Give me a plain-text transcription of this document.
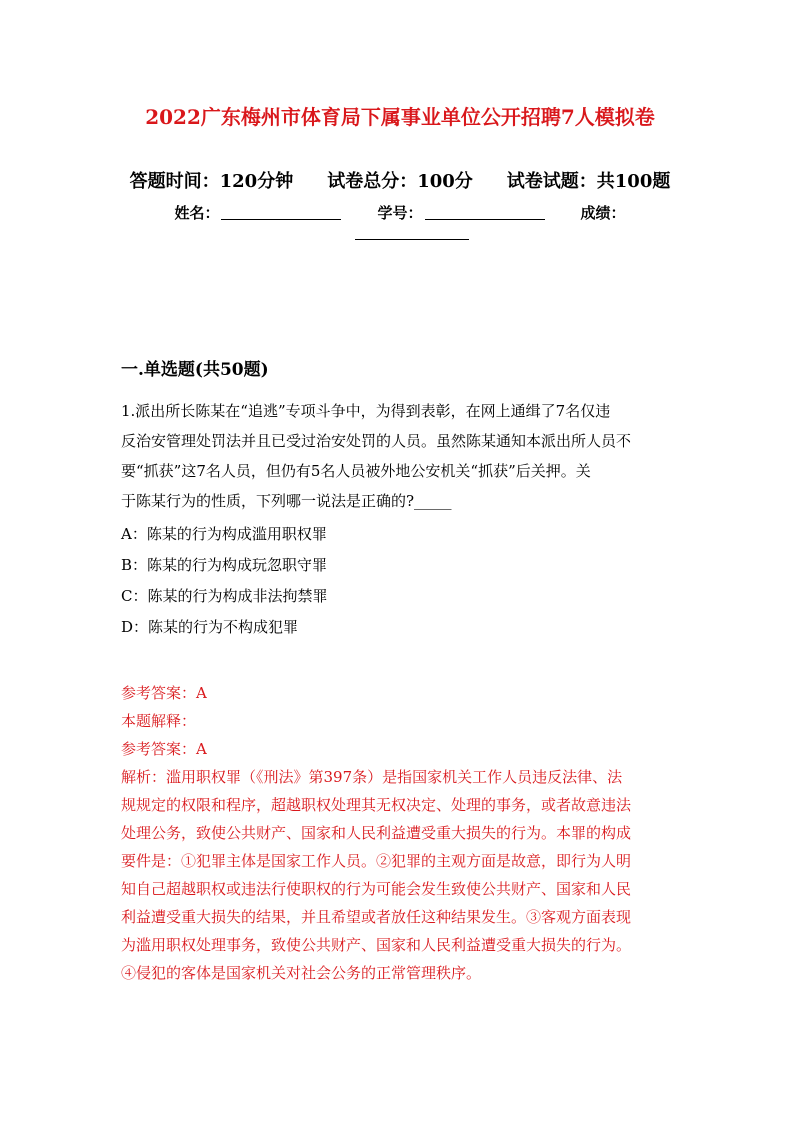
2022广东梅州市体育局下属事业单位公开招聘7人模拟卷
答题时间：120分钟 试卷总分：100分 试卷试题：共100题
姓名：	学号：	成绩：
一.单选题(共50题)
1.派出所长陈某在“追逃”专项斗争中，为得到表彰，在网上通缉了7名仅违
反治安管理处罚法并且已受过治安处罚的人员。虽然陈某通知本派出所人员不
要“抓获”这7名人员，但仍有5名人员被外地公安机关“抓获”后关押。关
于陈某行为的性质，下列哪一说法是正确的?_____
A：陈某的行为构成滥用职权罪
B：陈某的行为构成玩忽职守罪
C：陈某的行为构成非法拘禁罪
D：陈某的行为不构成犯罪
参考答案：A
本题解释：
参考答案：A
解析：滥用职权罪（《刑法》第397条）是指国家机关工作人员违反法律、法
规规定的权限和程序，超越职权处理其无权决定、处理的事务，或者故意违法
处理公务，致使公共财产、国家和人民利益遭受重大损失的行为。本罪的构成
要件是：①犯罪主体是国家工作人员。②犯罪的主观方面是故意，即行为人明
知自己超越职权或违法行使职权的行为可能会发生致使公共财产、国家和人民
利益遭受重大损失的结果，并且希望或者放任这种结果发生。③客观方面表现
为滥用职权处理事务，致使公共财产、国家和人民利益遭受重大损失的行为。
④侵犯的客体是国家机关对社会公务的正常管理秩序。
